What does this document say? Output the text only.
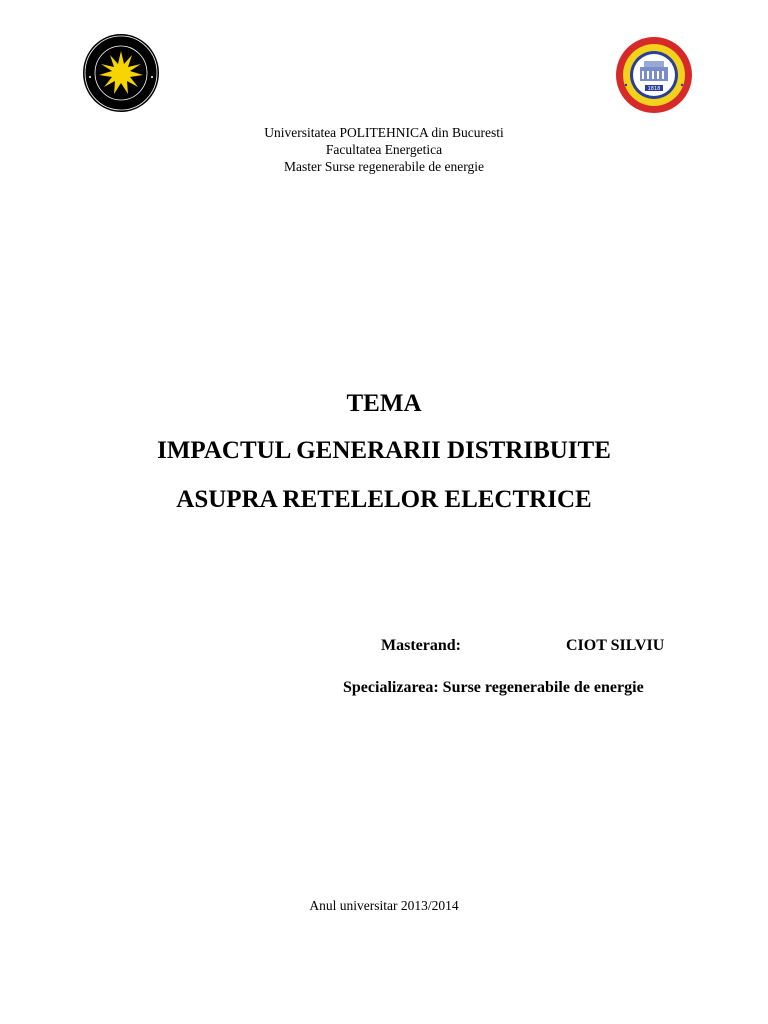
1818
Universitatea POLITEHNICA din Bucuresti
Facultatea Energetica
Master Surse regenerabile de energie
TEMA
IMPACTUL GENERARII DISTRIBUITE
ASUPRA RETELELOR ELECTRICE
Masterand:	CIOT SILVIU
Specializarea: Surse regenerabile de energie
Anul universitar 2013/2014
